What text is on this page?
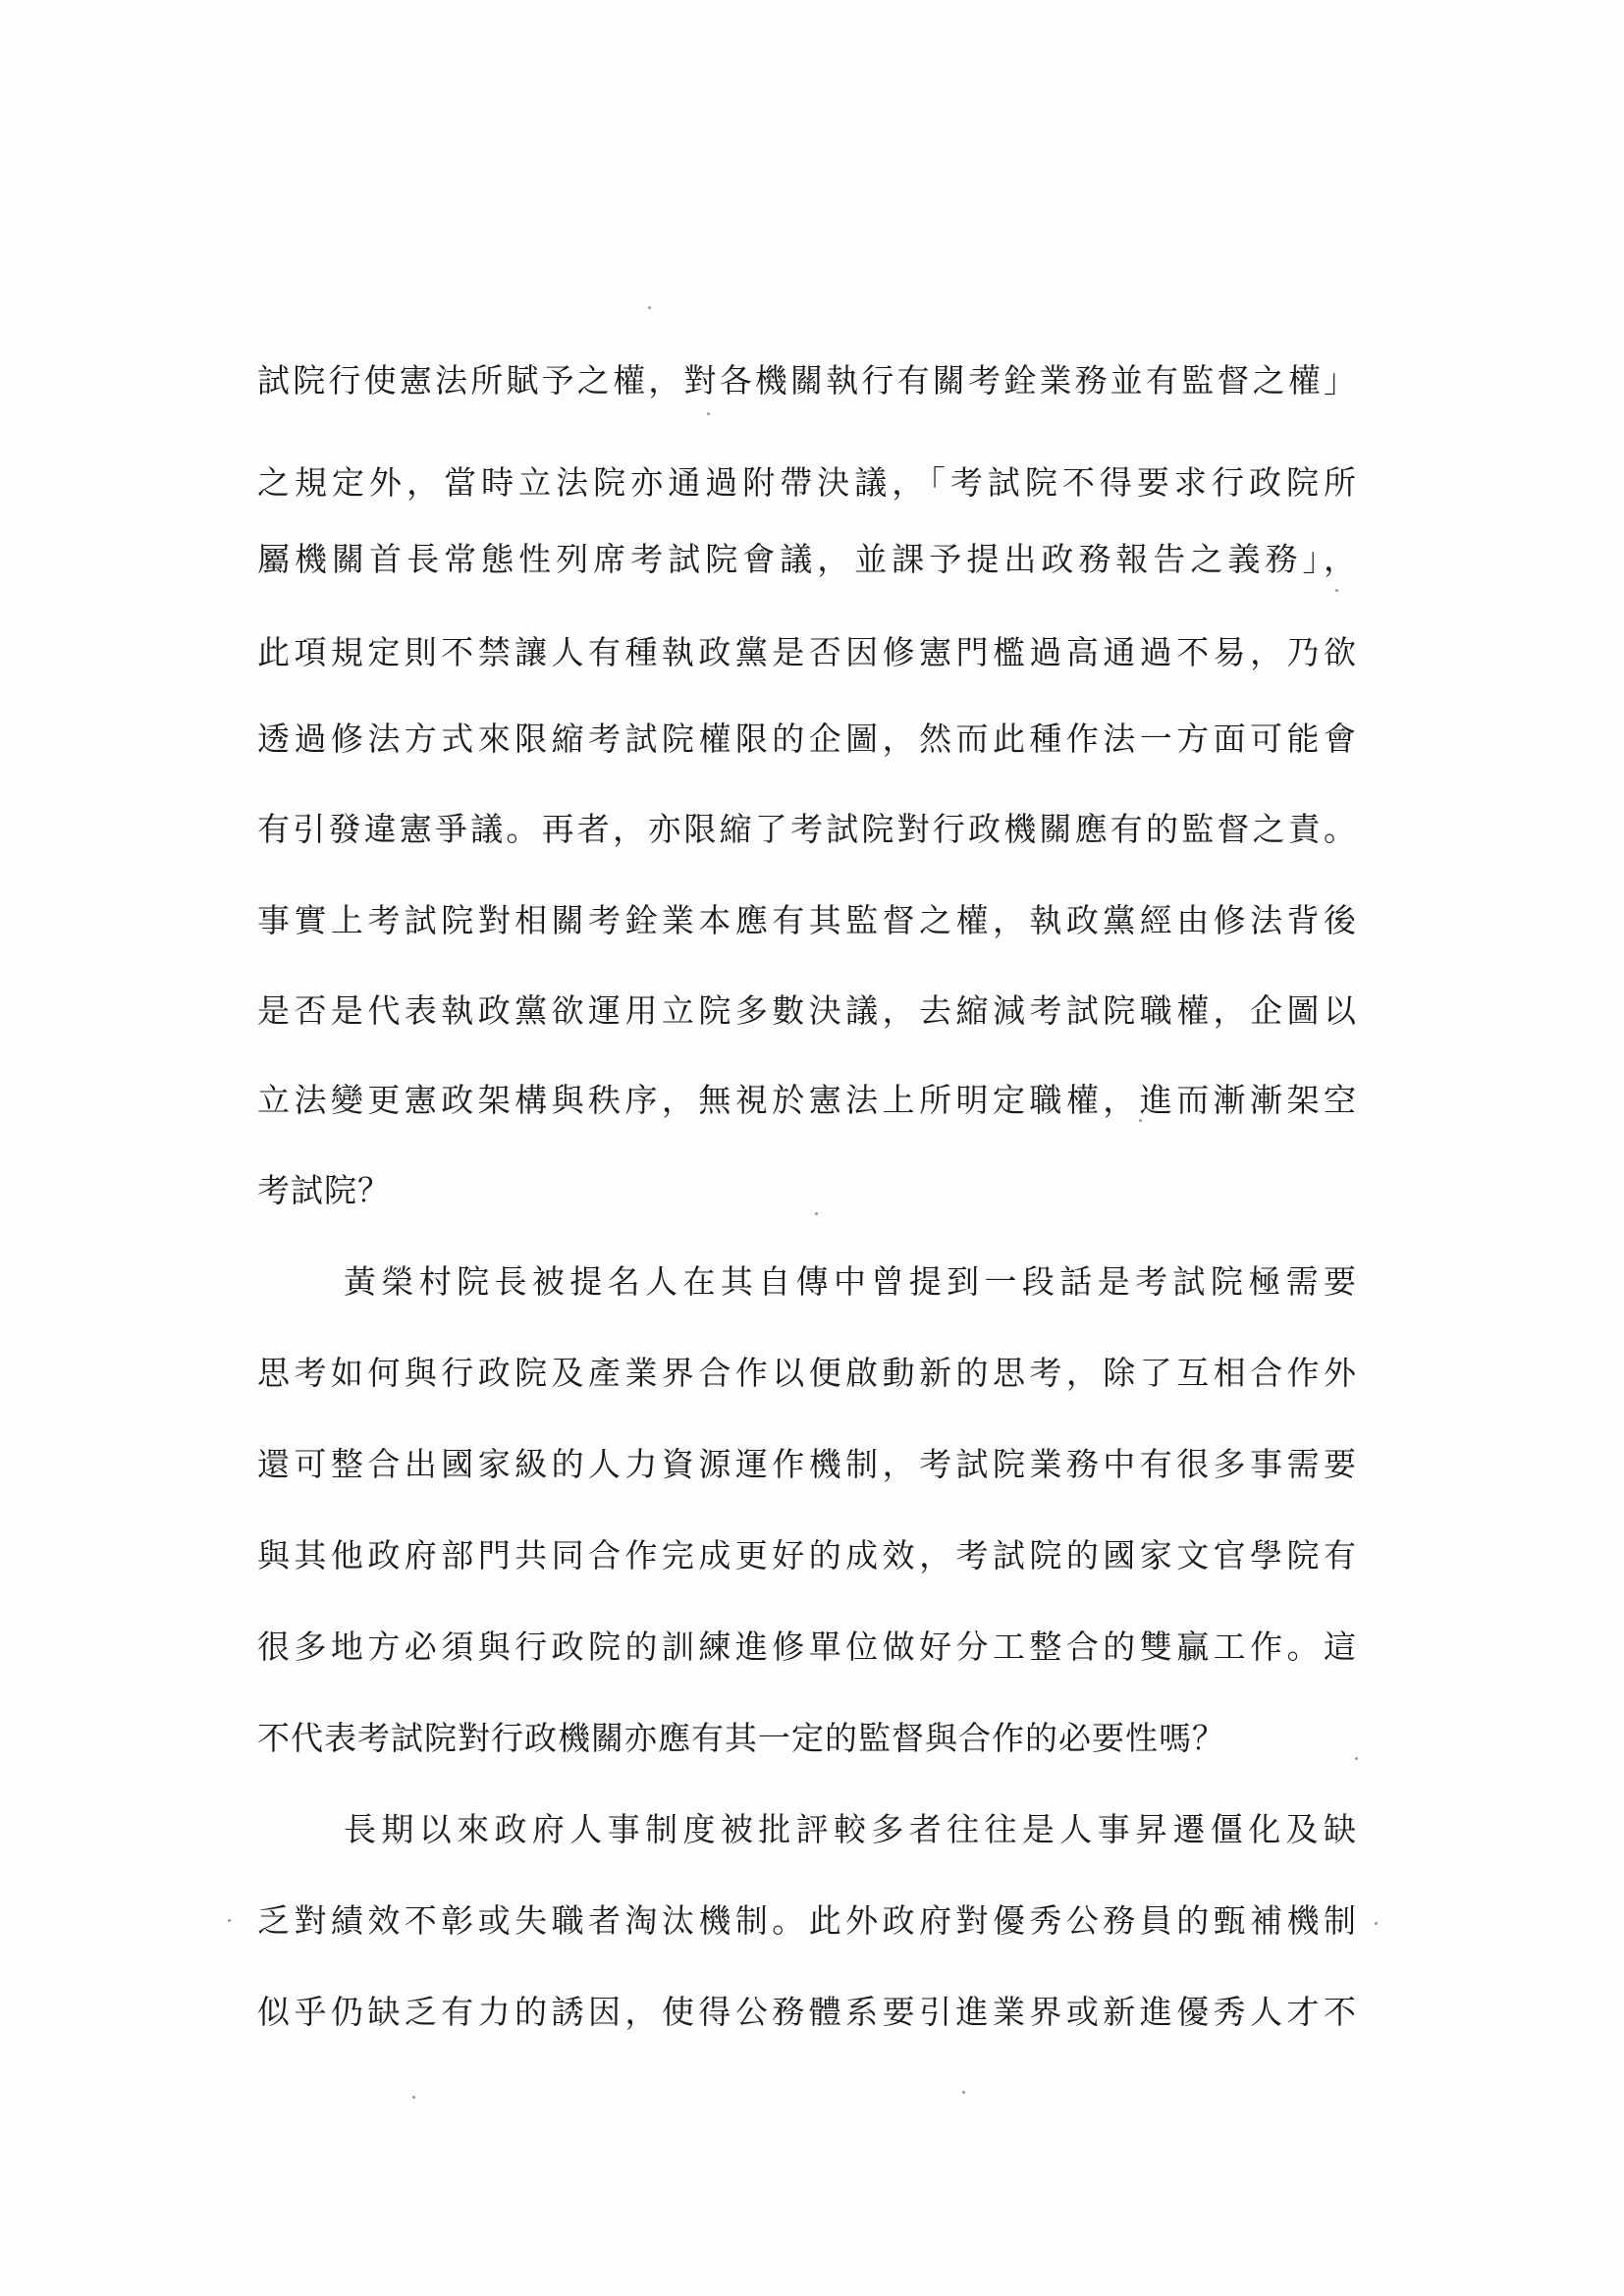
試院行使憲法所賦予之權，對各機關執行有關考銓業務並有監督之權」
之規定外，當時立法院亦通過附帶決議，「考試院不得要求行政院所
屬機關首長常態性列席考試院會議，並課予提出政務報告之義務」，
此項規定則不禁讓人有種執政黨是否因修憲門檻過高通過不易，乃欲
透過修法方式來限縮考試院權限的企圖，然而此種作法一方面可能會
有引發違憲爭議。再者，亦限縮了考試院對行政機關應有的監督之責。
事實上考試院對相關考銓業本應有其監督之權，執政黨經由修法背後
是否是代表執政黨欲運用立院多數決議，去縮減考試院職權，企圖以
立法變更憲政架構與秩序，無視於憲法上所明定職權，進而漸漸架空
考試院？
黃榮村院長被提名人在其自傳中曾提到一段話是考試院極需要
思考如何與行政院及產業界合作以便啟動新的思考，除了互相合作外
還可整合出國家級的人力資源運作機制，考試院業務中有很多事需要
與其他政府部門共同合作完成更好的成效，考試院的國家文官學院有
很多地方必須與行政院的訓練進修單位做好分工整合的雙贏工作。這
不代表考試院對行政機關亦應有其一定的監督與合作的必要性嗎？
長期以來政府人事制度被批評較多者往往是人事昇遷僵化及缺
乏對績效不彰或失職者淘汰機制。此外政府對優秀公務員的甄補機制
似乎仍缺乏有力的誘因，使得公務體系要引進業界或新進優秀人才不
